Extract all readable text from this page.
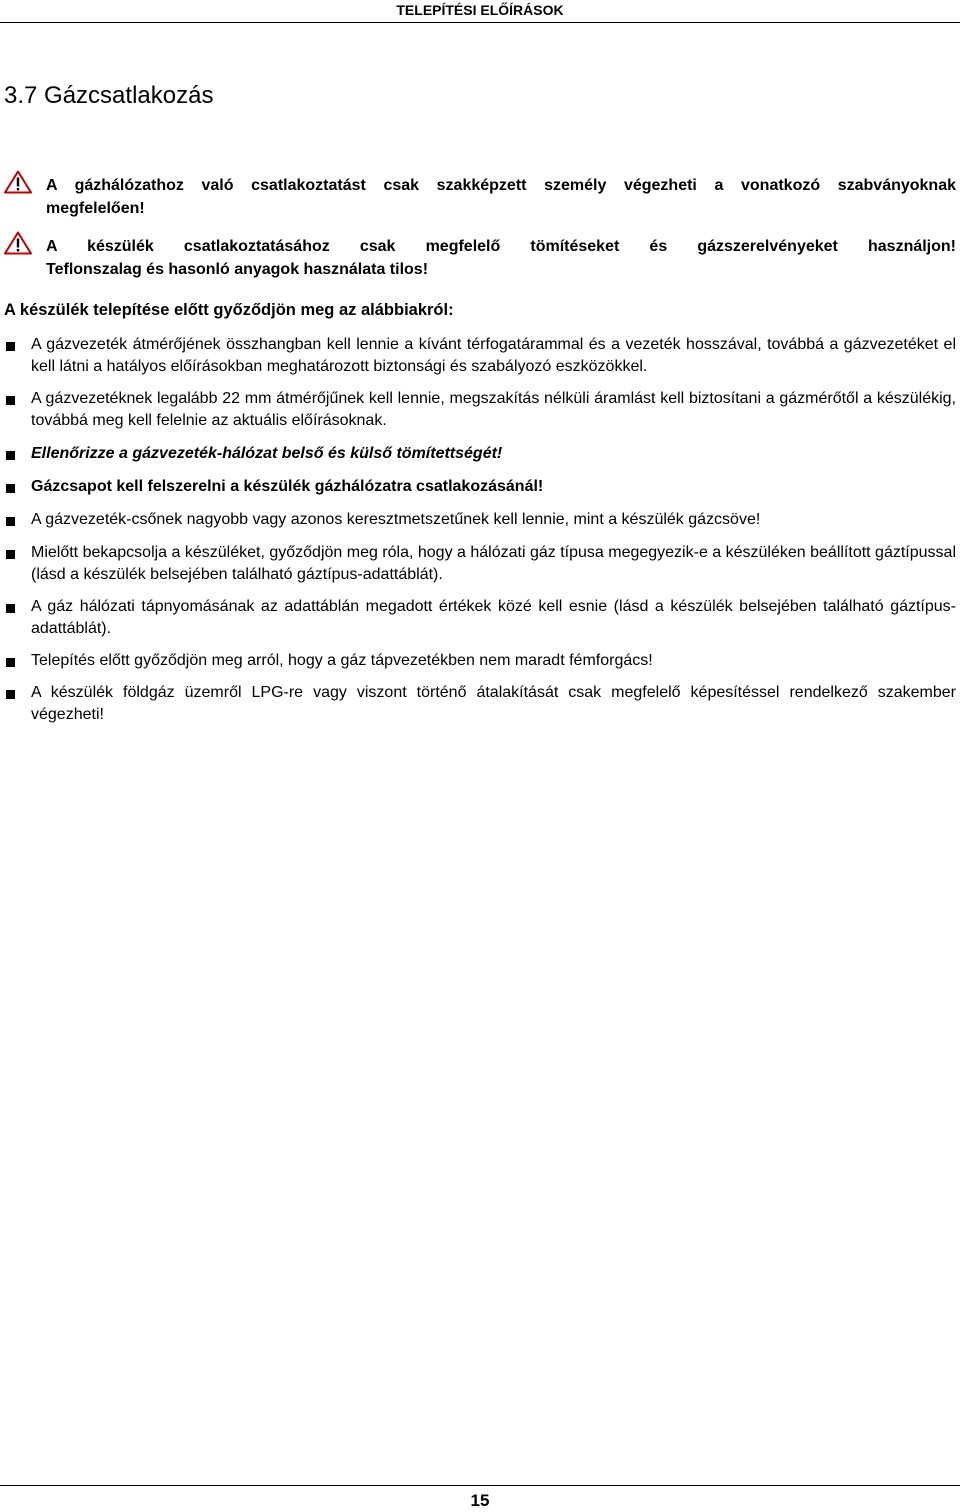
TELEPÍTÉSI ELŐÍRÁSOK
3.7 Gázcsatlakozás
A gázhálózathoz való csatlakoztatást csak szakképzett személy végezheti a vonatkozó szabványoknak
megfelelően!
A készülék csatlakoztatásához csak megfelelő tömítéseket és gázszerelvényeket használjon!
Teflonszalag és hasonló anyagok használata tilos!
A készülék telepítése előtt győződjön meg az alábbiakról:
A gázvezeték átmérőjének összhangban kell lennie a kívánt térfogatárammal és a vezeték hosszával, továbbá a gázvezetéket el kell látni a hatályos előírásokban meghatározott biztonsági és szabályozó eszközökkel.
A gázvezetéknek legalább 22 mm átmérőjűnek kell lennie, megszakítás nélküli áramlást kell biztosítani a gázmérőtől a készülékig, továbbá meg kell felelnie az aktuális előírásoknak.
Ellenőrizze a gázvezeték-hálózat belső és külső tömítettségét!
Gázcsapot kell felszerelni a készülék gázhálózatra csatlakozásánál!
A gázvezeték-csőnek nagyobb vagy azonos keresztmetszetűnek kell lennie, mint a készülék gázcsöve!
Mielőtt bekapcsolja a készüléket, győződjön meg róla, hogy a hálózati gáz típusa megegyezik-e a készüléken beállított gáztípussal (lásd a készülék belsejében található gáztípus-adattáblát).
A gáz hálózati tápnyomásának az adattáblán megadott értékek közé kell esnie (lásd a készülék belsejében található gáztípus-adattáblát).
Telepítés előtt győződjön meg arról, hogy a gáz tápvezetékben nem maradt fémforgács!
A készülék földgáz üzemről LPG-re vagy viszont történő átalakítását csak megfelelő képesítéssel rendelkező szakember végezheti!
15
